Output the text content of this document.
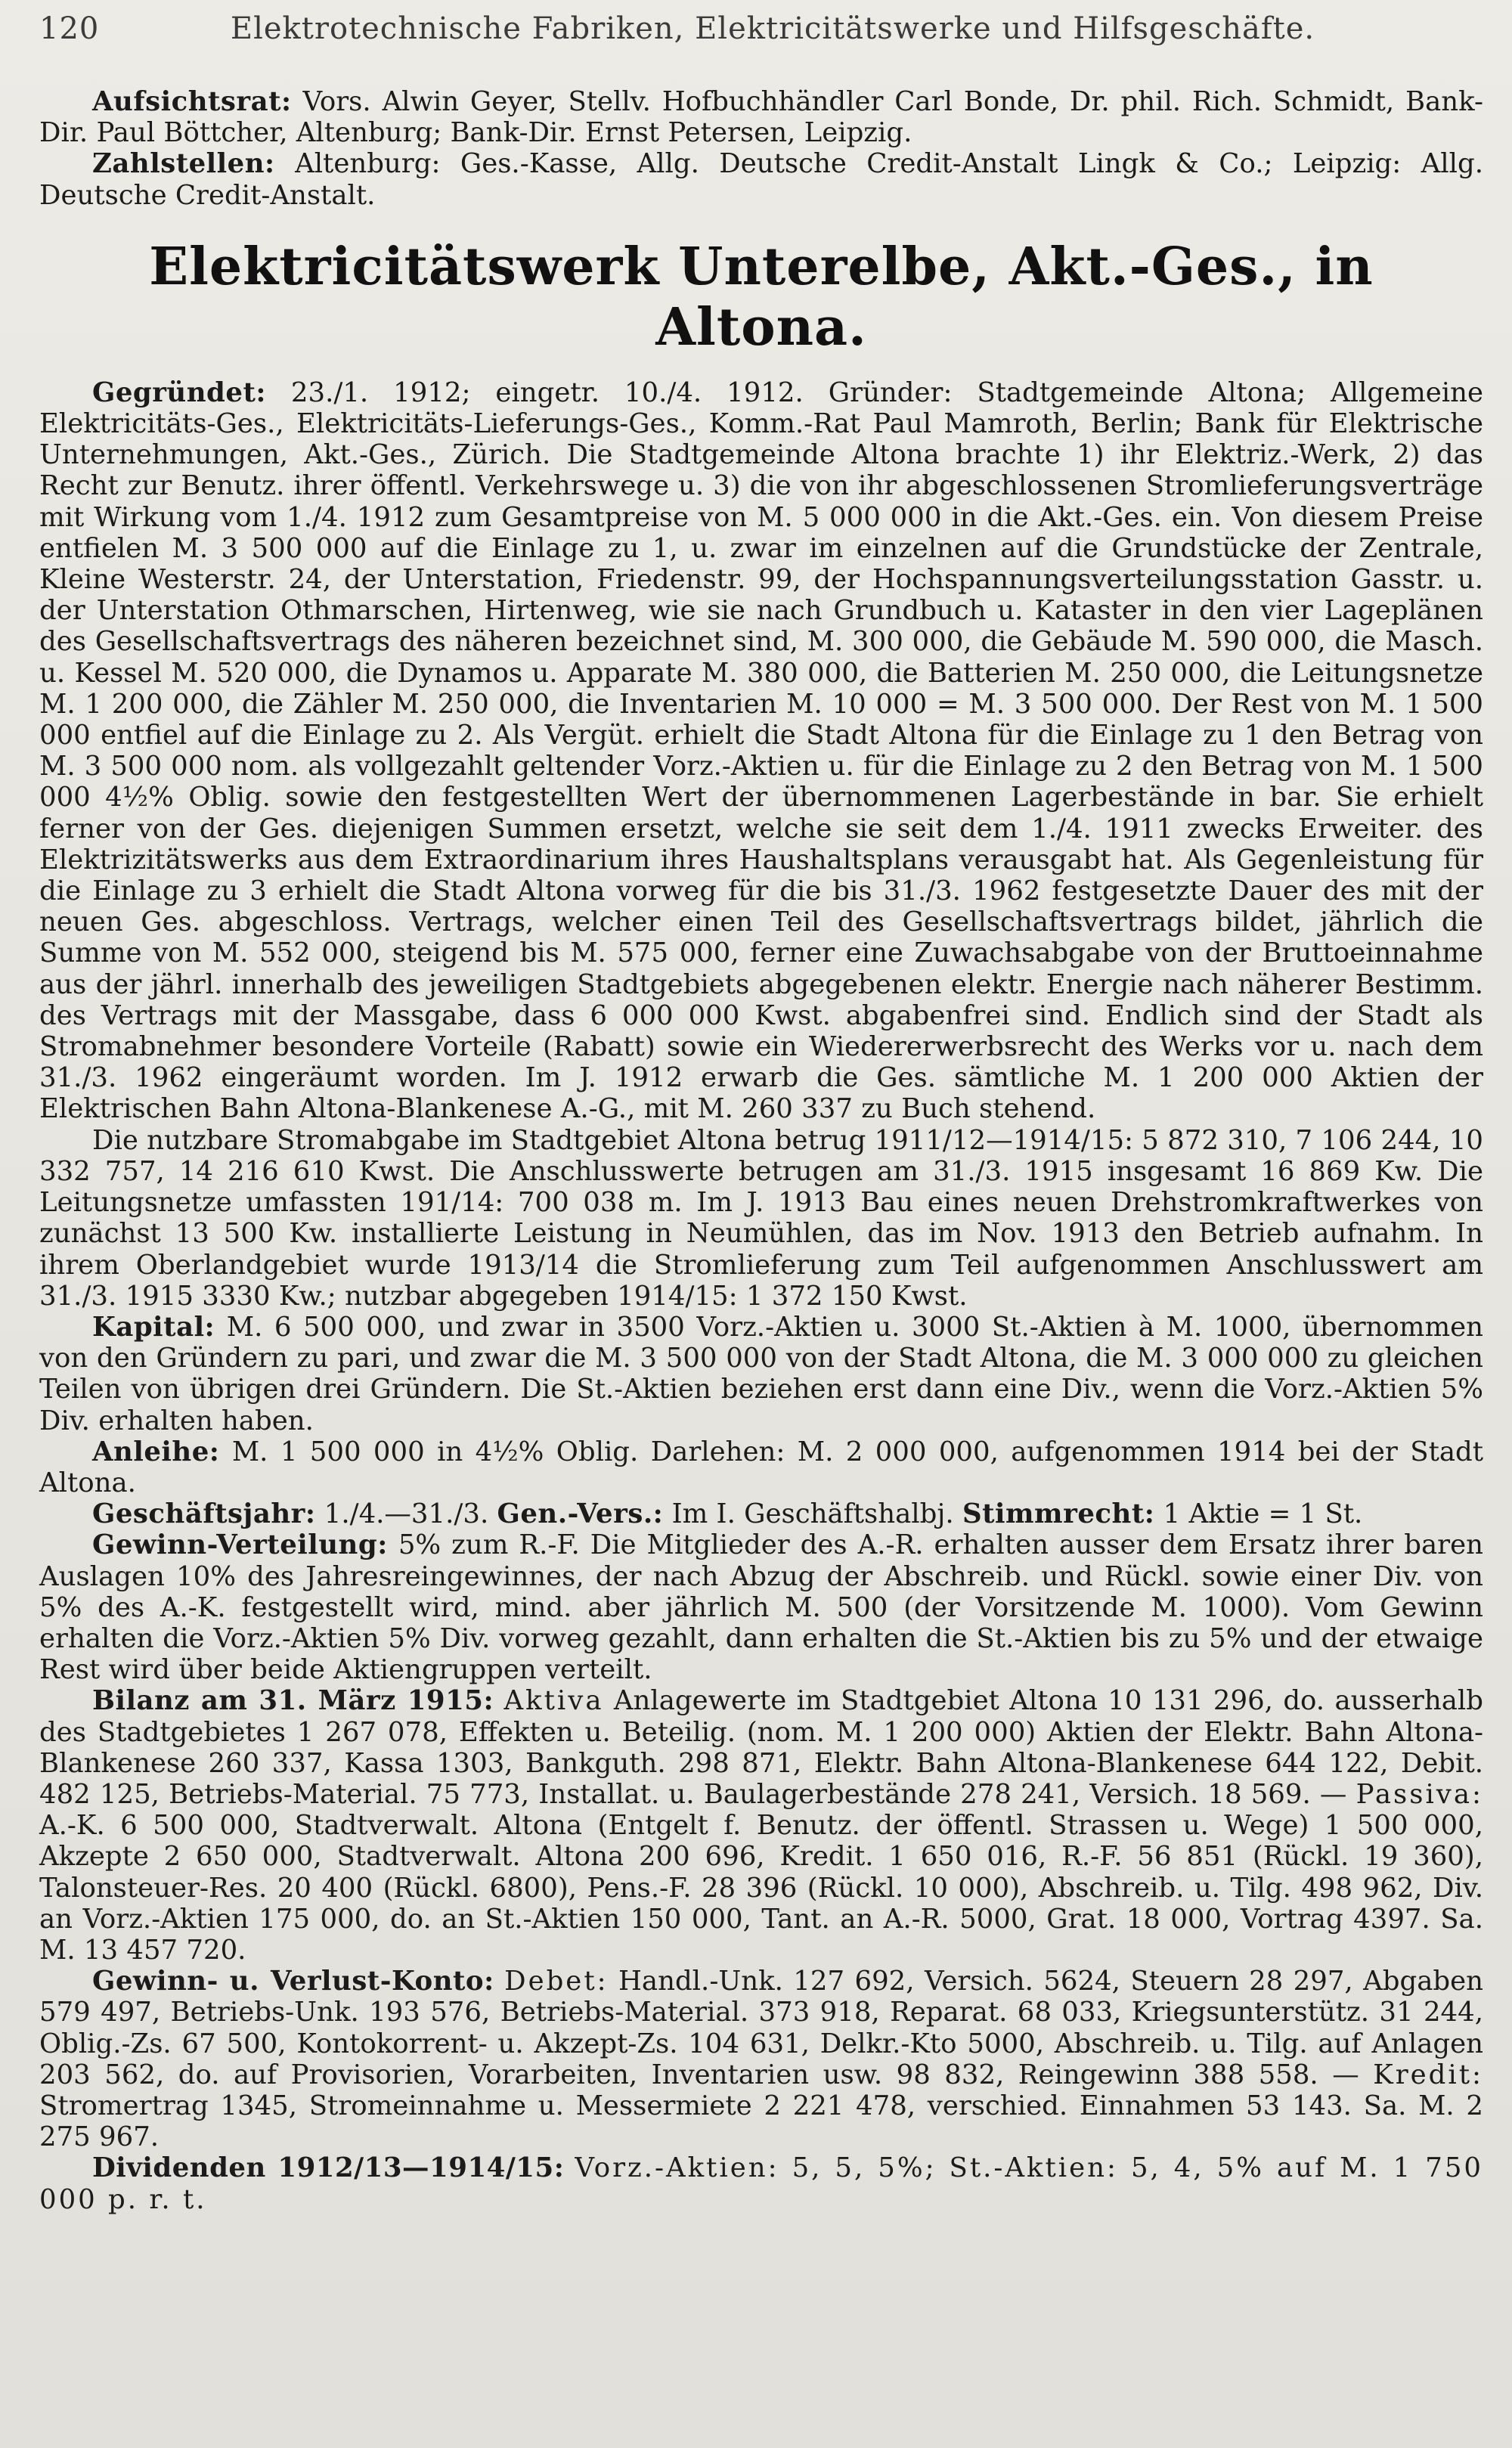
120	Elektrotechnische Fabriken, Elektricitätswerke und Hilfsgeschäfte.

Aufsichtsrat: Vors. Alwin Geyer, Stellv. Hofbuchhändler Carl Bonde, Dr. phil. Rich. Schmidt, Bank-Dir. Paul Böttcher, Altenburg; Bank-Dir. Ernst Petersen, Leipzig.

Zahlstellen: Altenburg: Ges.-Kasse, Allg. Deutsche Credit-Anstalt Lingk & Co.; Leipzig: Allg. Deutsche Credit-Anstalt.

Elektricitätswerk Unterelbe, Akt.-Ges., in Altona.

Gegründet: 23./1. 1912; eingetr. 10./4. 1912. Gründer: Stadtgemeinde Altona; Allgemeine Elektricitäts-Ges., Elektricitäts-Lieferungs-Ges., Komm.-Rat Paul Mamroth, Berlin; Bank für Elektrische Unternehmungen, Akt.-Ges., Zürich. Die Stadtgemeinde Altona brachte 1) ihr Elektriz.-Werk, 2) das Recht zur Benutz. ihrer öffentl. Verkehrswege u. 3) die von ihr abgeschlossenen Stromlieferungsverträge mit Wirkung vom 1./4. 1912 zum Gesamtpreise von M. 5 000 000 in die Akt.-Ges. ein. Von diesem Preise entfielen M. 3 500 000 auf die Einlage zu 1, u. zwar im einzelnen auf die Grundstücke der Zentrale, Kleine Westerstr. 24, der Unterstation, Friedenstr. 99, der Hochspannungsverteilungsstation Gasstr. u. der Unterstation Othmarschen, Hirtenweg, wie sie nach Grundbuch u. Kataster in den vier Lageplänen des Gesellschaftsvertrags des näheren bezeichnet sind, M. 300 000, die Gebäude M. 590 000, die Masch. u. Kessel M. 520 000, die Dynamos u. Apparate M. 380 000, die Batterien M. 250 000, die Leitungsnetze M. 1 200 000, die Zähler M. 250 000, die Inventarien M. 10 000 = M. 3 500 000. Der Rest von M. 1 500 000 entfiel auf die Einlage zu 2. Als Vergüt. erhielt die Stadt Altona für die Einlage zu 1 den Betrag von M. 3 500 000 nom. als vollgezahlt geltender Vorz.-Aktien u. für die Einlage zu 2 den Betrag von M. 1 500 000 4½% Oblig. sowie den festgestellten Wert der übernommenen Lagerbestände in bar. Sie erhielt ferner von der Ges. diejenigen Summen ersetzt, welche sie seit dem 1./4. 1911 zwecks Erweiter. des Elektrizitätswerks aus dem Extraordinarium ihres Haushaltsplans verausgabt hat. Als Gegenleistung für die Einlage zu 3 erhielt die Stadt Altona vorweg für die bis 31./3. 1962 festgesetzte Dauer des mit der neuen Ges. abgeschloss. Vertrags, welcher einen Teil des Gesellschaftsvertrags bildet, jährlich die Summe von M. 552 000, steigend bis M. 575 000, ferner eine Zuwachsabgabe von der Bruttoeinnahme aus der jährl. innerhalb des jeweiligen Stadtgebiets abgegebenen elektr. Energie nach näherer Bestimm. des Vertrags mit der Massgabe, dass 6 000 000 Kwst. abgabenfrei sind. Endlich sind der Stadt als Stromabnehmer besondere Vorteile (Rabatt) sowie ein Wiedererwerbsrecht des Werks vor u. nach dem 31./3. 1962 eingeräumt worden. Im J. 1912 erwarb die Ges. sämtliche M. 1 200 000 Aktien der Elektrischen Bahn Altona-Blankenese A.-G., mit M. 260 337 zu Buch stehend.

Die nutzbare Stromabgabe im Stadtgebiet Altona betrug 1911/12—1914/15: 5 872 310, 7 106 244, 10 332 757, 14 216 610 Kwst. Die Anschlusswerte betrugen am 31./3. 1915 insgesamt 16 869 Kw. Die Leitungsnetze umfassten 191/14: 700 038 m. Im J. 1913 Bau eines neuen Drehstromkraftwerkes von zunächst 13 500 Kw. installierte Leistung in Neumühlen, das im Nov. 1913 den Betrieb aufnahm. In ihrem Oberlandgebiet wurde 1913/14 die Stromlieferung zum Teil aufgenommen Anschlusswert am 31./3. 1915 3330 Kw.; nutzbar abgegeben 1914/15: 1 372 150 Kwst.

Kapital: M. 6 500 000, und zwar in 3500 Vorz.-Aktien u. 3000 St.-Aktien à M. 1000, übernommen von den Gründern zu pari, und zwar die M. 3 500 000 von der Stadt Altona, die M. 3 000 000 zu gleichen Teilen von übrigen drei Gründern. Die St.-Aktien beziehen erst dann eine Div., wenn die Vorz.-Aktien 5% Div. erhalten haben.

Anleihe: M. 1 500 000 in 4½% Oblig. Darlehen: M. 2 000 000, aufgenommen 1914 bei der Stadt Altona.

Geschäftsjahr: 1./4.—31./3. Gen.-Vers.: Im I. Geschäftshalbj. Stimmrecht: 1 Aktie = 1 St.

Gewinn-Verteilung: 5% zum R.-F. Die Mitglieder des A.-R. erhalten ausser dem Ersatz ihrer baren Auslagen 10% des Jahresreingewinnes, der nach Abzug der Abschreib. und Rückl. sowie einer Div. von 5% des A.-K. festgestellt wird, mind. aber jährlich M. 500 (der Vorsitzende M. 1000). Vom Gewinn erhalten die Vorz.-Aktien 5% Div. vorweg gezahlt, dann erhalten die St.-Aktien bis zu 5% und der etwaige Rest wird über beide Aktiengruppen verteilt.

Bilanz am 31. März 1915: Aktiva Anlagewerte im Stadtgebiet Altona 10 131 296, do. ausserhalb des Stadtgebietes 1 267 078, Effekten u. Beteilig. (nom. M. 1 200 000) Aktien der Elektr. Bahn Altona-Blankenese 260 337, Kassa 1303, Bankguth. 298 871, Elektr. Bahn Altona-Blankenese 644 122, Debit. 482 125, Betriebs-Material. 75 773, Installat. u. Baulagerbestände 278 241, Versich. 18 569. — Passiva: A.-K. 6 500 000, Stadtverwalt. Altona (Entgelt f. Benutz. der öffentl. Strassen u. Wege) 1 500 000, Akzepte 2 650 000, Stadtverwalt. Altona 200 696, Kredit. 1 650 016, R.-F. 56 851 (Rückl. 19 360), Talonsteuer-Res. 20 400 (Rückl. 6800), Pens.-F. 28 396 (Rückl. 10 000), Abschreib. u. Tilg. 498 962, Div. an Vorz.-Aktien 175 000, do. an St.-Aktien 150 000, Tant. an A.-R. 5000, Grat. 18 000, Vortrag 4397. Sa. M. 13 457 720.

Gewinn- u. Verlust-Konto: Debet: Handl.-Unk. 127 692, Versich. 5624, Steuern 28 297, Abgaben 579 497, Betriebs-Unk. 193 576, Betriebs-Material. 373 918, Reparat. 68 033, Kriegsunterstütz. 31 244, Oblig.-Zs. 67 500, Kontokorrent- u. Akzept-Zs. 104 631, Delkr.-Kto 5000, Abschreib. u. Tilg. auf Anlagen 203 562, do. auf Provisorien, Vorarbeiten, Inventarien usw. 98 832, Reingewinn 388 558. — Kredit: Stromertrag 1345, Stromeinnahme u. Messermiete 2 221 478, verschied. Einnahmen 53 143. Sa. M. 2 275 967.

Dividenden 1912/13—1914/15: Vorz.-Aktien: 5, 5, 5%; St.-Aktien: 5, 4, 5% auf M. 1 750 000 p. r. t.
